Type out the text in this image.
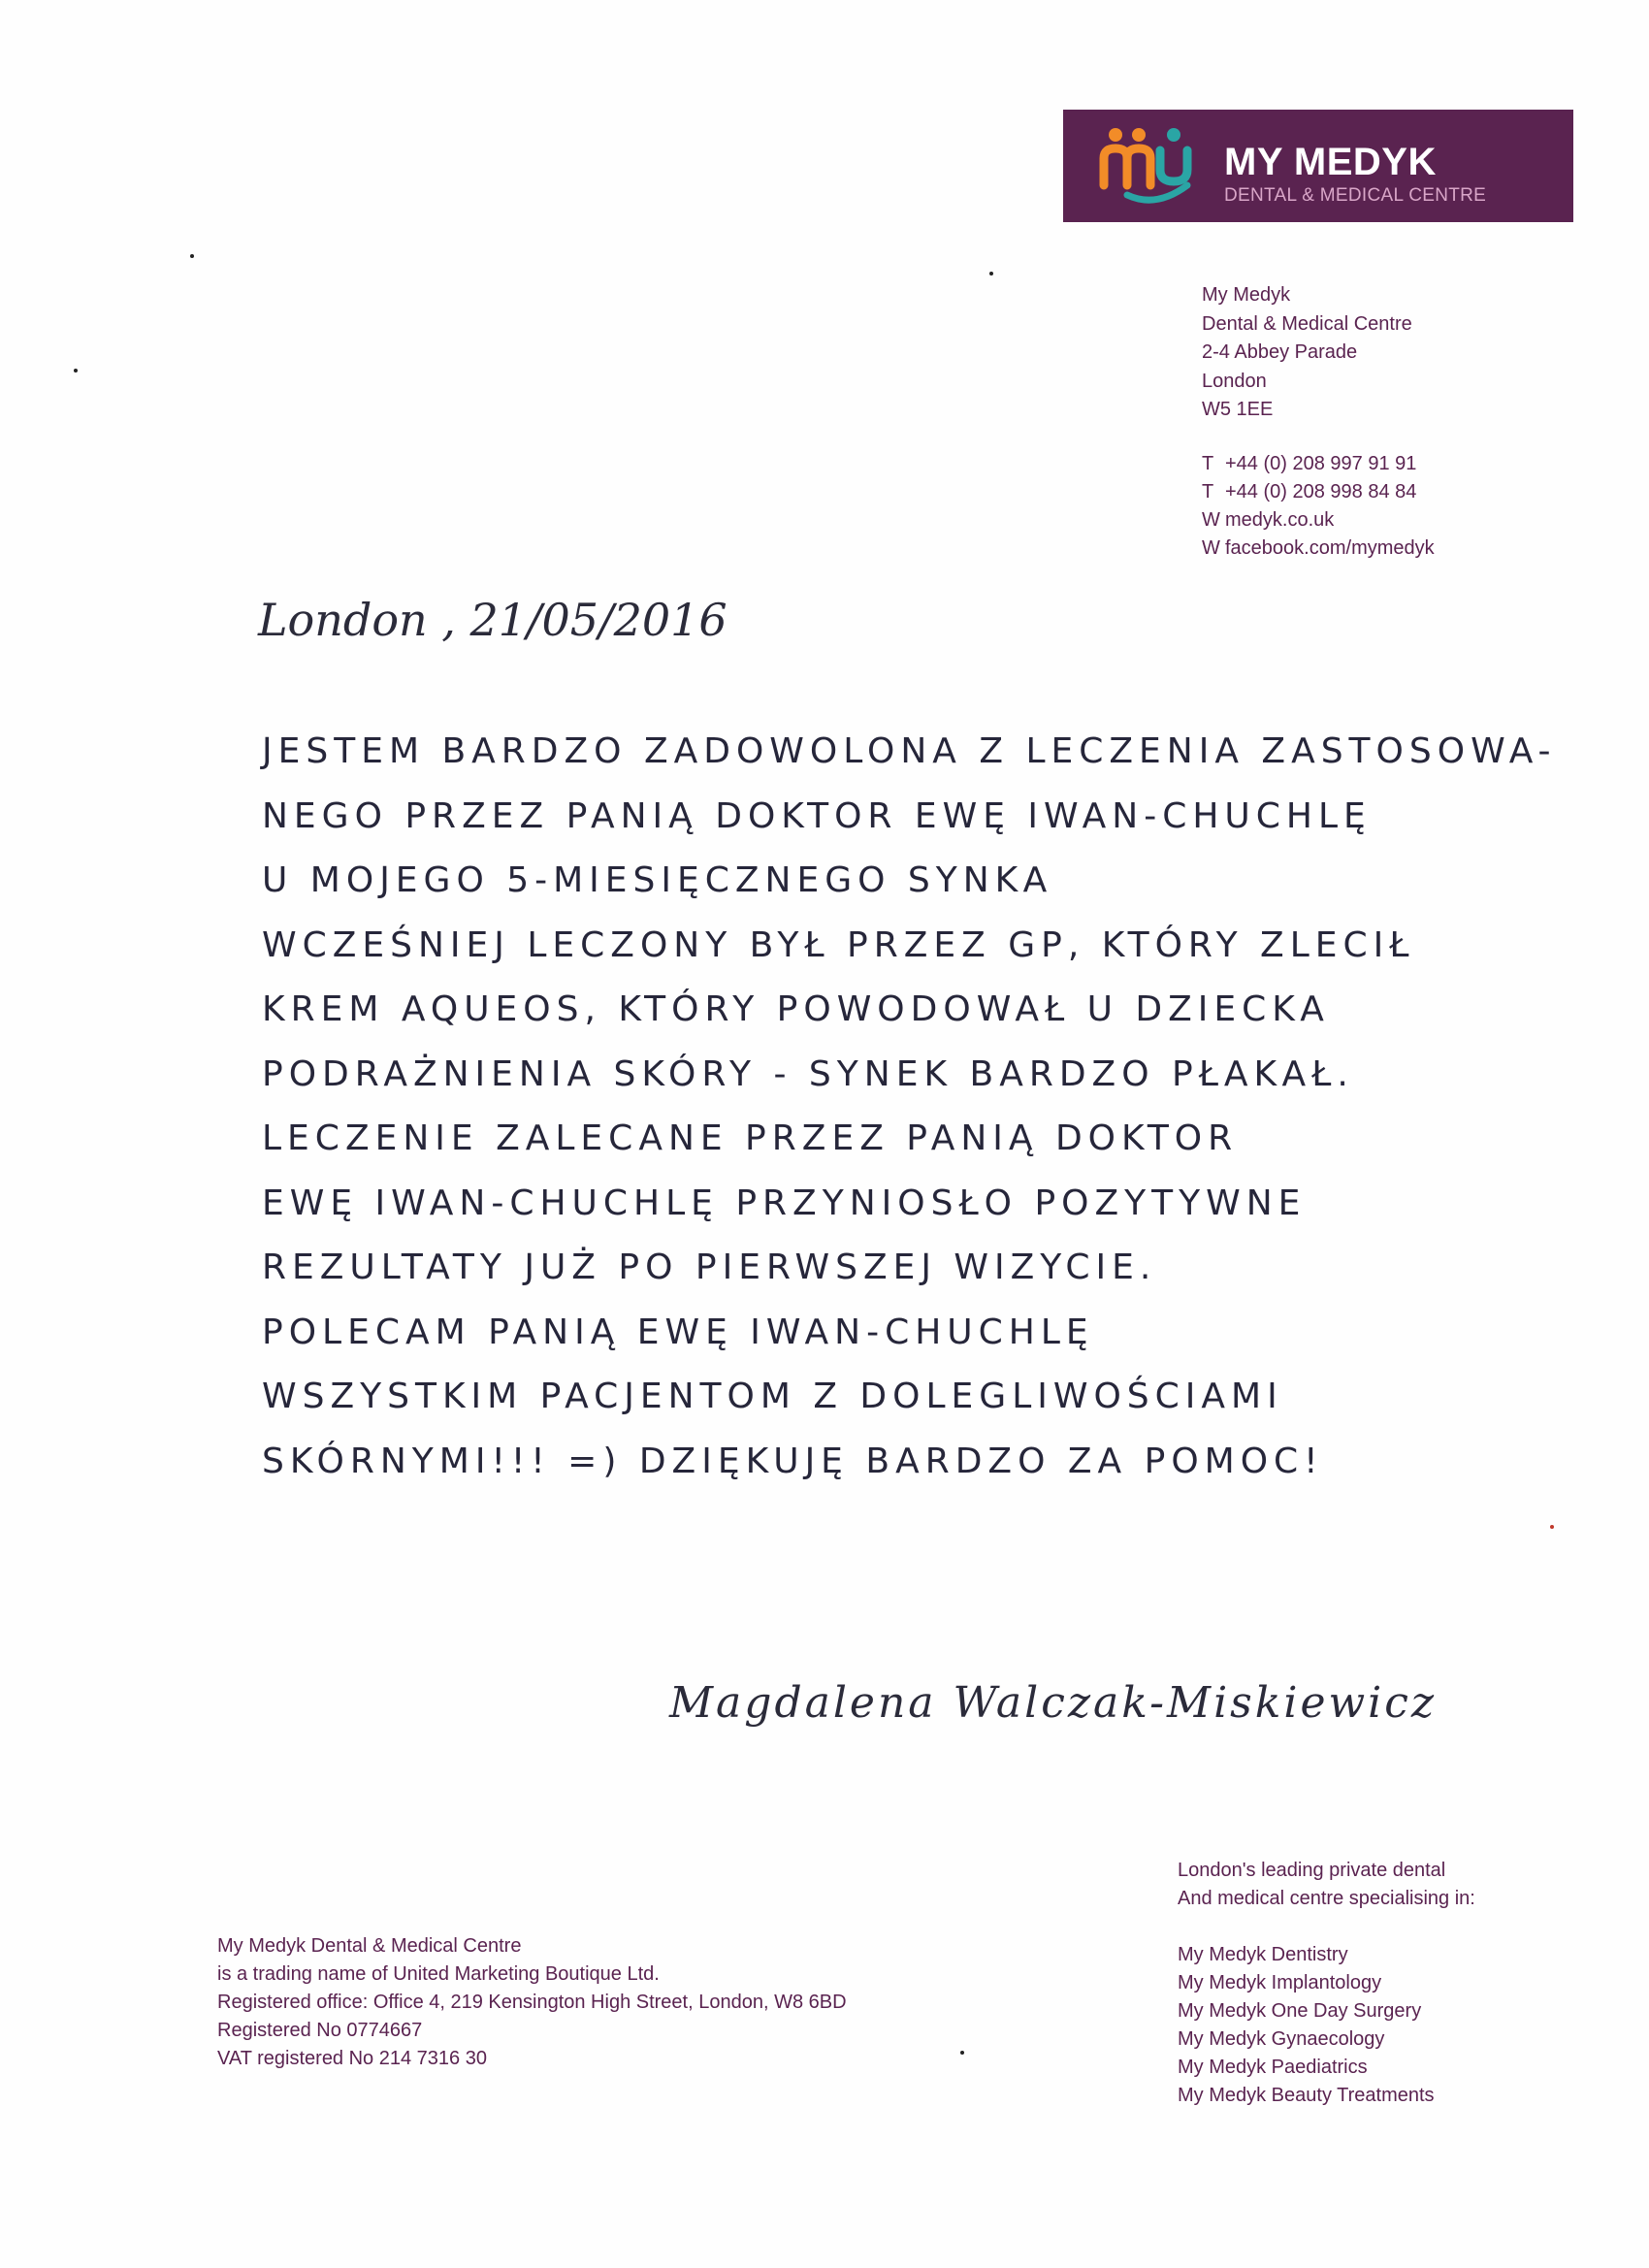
MY MEDYK
DENTAL & MEDICAL CENTRE
My Medyk
Dental & Medical Centre
2-4 Abbey Parade
London
W5 1EE
T +44 (0) 208 997 91 91
T +44 (0) 208 998 84 84
W medyk.co.uk
W facebook.com/mymedyk
London , 21/05/2016
JESTEM BARDZO ZADOWOLONA Z LECZENIA ZASTOSOWA-
NEGO PRZEZ PANIĄ DOKTOR EWĘ IWAN-CHUCHLĘ
U MOJEGO 5-MIESIĘCZNEGO SYNKA
WCZEŚNIEJ LECZONY BYŁ PRZEZ GP, KTÓRY ZLECIŁ
KREM AQUEOS, KTÓRY POWODOWAŁ U DZIECKA
PODRAŻNIENIA SKÓRY - SYNEK BARDZO PŁAKAŁ.
LECZENIE ZALECANE PRZEZ PANIĄ DOKTOR
EWĘ IWAN-CHUCHLĘ PRZYNIOSŁO POZYTYWNE
REZULTATY JUŻ PO PIERWSZEJ WIZYCIE.
POLECAM PANIĄ EWĘ IWAN-CHUCHLĘ
WSZYSTKIM PACJENTOM Z DOLEGLIWOŚCIAMI
SKÓRNYMI!!! =) DZIĘKUJĘ BARDZO ZA POMOC!
Magdalena Walczak-Miskiewicz
My Medyk Dental & Medical Centre
is a trading name of United Marketing Boutique Ltd.
Registered office: Office 4, 219 Kensington High Street, London, W8 6BD
Registered No 0774667
VAT registered No 214 7316 30
London's leading private dental
And medical centre specialising in:
My Medyk Dentistry
My Medyk Implantology
My Medyk One Day Surgery
My Medyk Gynaecology
My Medyk Paediatrics
My Medyk Beauty Treatments
